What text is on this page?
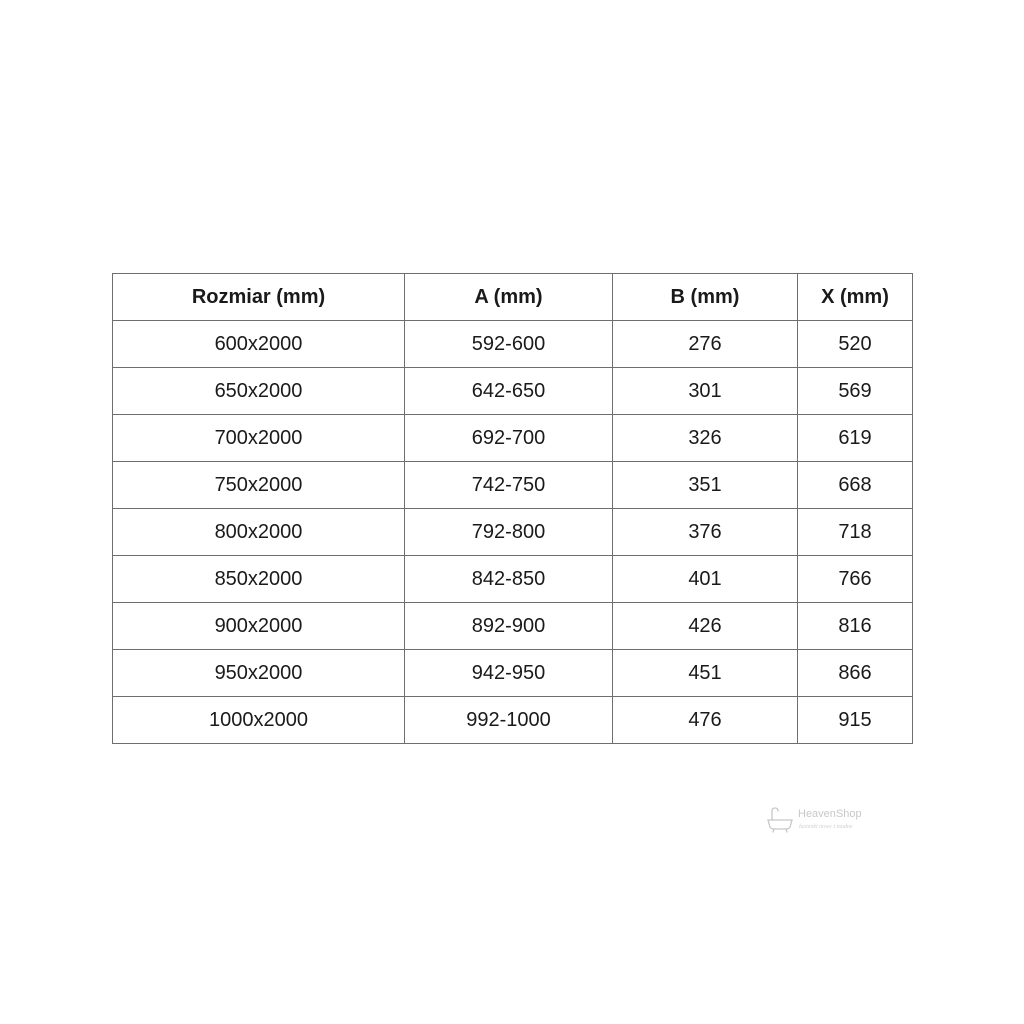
Rozmiar (mm)	A (mm)	B (mm)	X (mm)
600x2000	592-600	276	520
650x2000	642-650	301	569
700x2000	692-700	326	619
750x2000	742-750	351	668
800x2000	792-800	376	718
850x2000	842-850	401	766
900x2000	892-900	426	816
950x2000	942-950	451	866
1000x2000	992-1000	476	915
HeavenShop
łazienki nowe i modne
